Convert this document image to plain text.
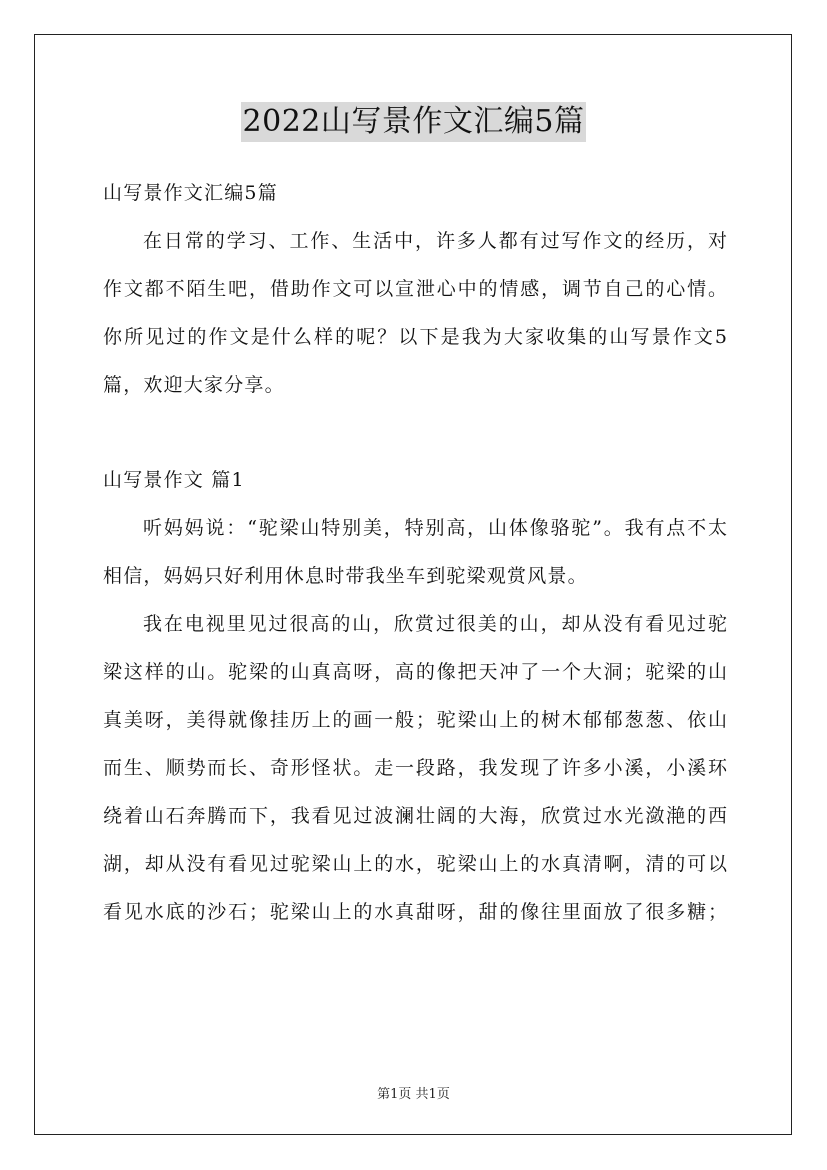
2022山写景作文汇编5篇
山写景作文汇编5篇
在日常的学习、工作、生活中，许多人都有过写作文的经历，对
作文都不陌生吧，借助作文可以宣泄心中的情感，调节自己的心情。
你所见过的作文是什么样的呢？以下是我为大家收集的山写景作文5
篇，欢迎大家分享。
山写景作文 篇1
听妈妈说：“驼梁山特别美，特别高，山体像骆驼”。我有点不太
相信，妈妈只好利用休息时带我坐车到驼梁观赏风景。
我在电视里见过很高的山，欣赏过很美的山，却从没有看见过驼
梁这样的山。驼梁的山真高呀，高的像把天冲了一个大洞；驼梁的山
真美呀，美得就像挂历上的画一般；驼梁山上的树木郁郁葱葱、依山
而生、顺势而长、奇形怪状。走一段路，我发现了许多小溪，小溪环
绕着山石奔腾而下，我看见过波澜壮阔的大海，欣赏过水光潋滟的西
湖，却从没有看见过驼梁山上的水，驼梁山上的水真清啊，清的可以
看见水底的沙石；驼梁山上的水真甜呀，甜的像往里面放了很多糖；
第1页 共1页
